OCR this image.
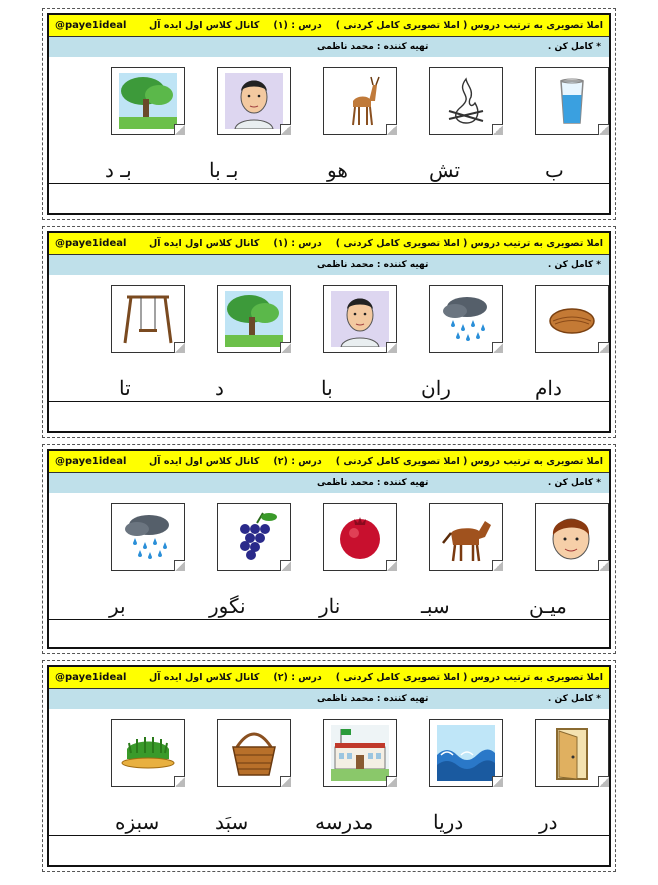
املا تصویری به ترتیب دروس ( املا تصویری کامل کردنی )
درس : (۱)
کانال کلاس اول ایده آل
@paye1ideal
* کامل کن .
تهیه کننده : محمد ناظمی
ب
تش
هو
بـ با
بـ د
املا تصویری به ترتیب دروس ( املا تصویری کامل کردنی )
درس : (۱)
کانال کلاس اول ایده آل
@paye1ideal
* کامل کن .
تهیه کننده : محمد ناظمی
دام
ران
با
د
تا
املا تصویری به ترتیب دروس ( املا تصویری کامل کردنی )
درس : (۲)
کانال کلاس اول ایده آل
@paye1ideal
* کامل کن .
تهیه کننده : محمد ناظمی
میـن
سبـ
نار
نگور
بر
املا تصویری به ترتیب دروس ( املا تصویری کامل کردنی )
درس : (۲)
کانال کلاس اول ایده آل
@paye1ideal
* کامل کن .
تهیه کننده : محمد ناظمی
در
دریا
مدرسه
سبَد
سبزه
